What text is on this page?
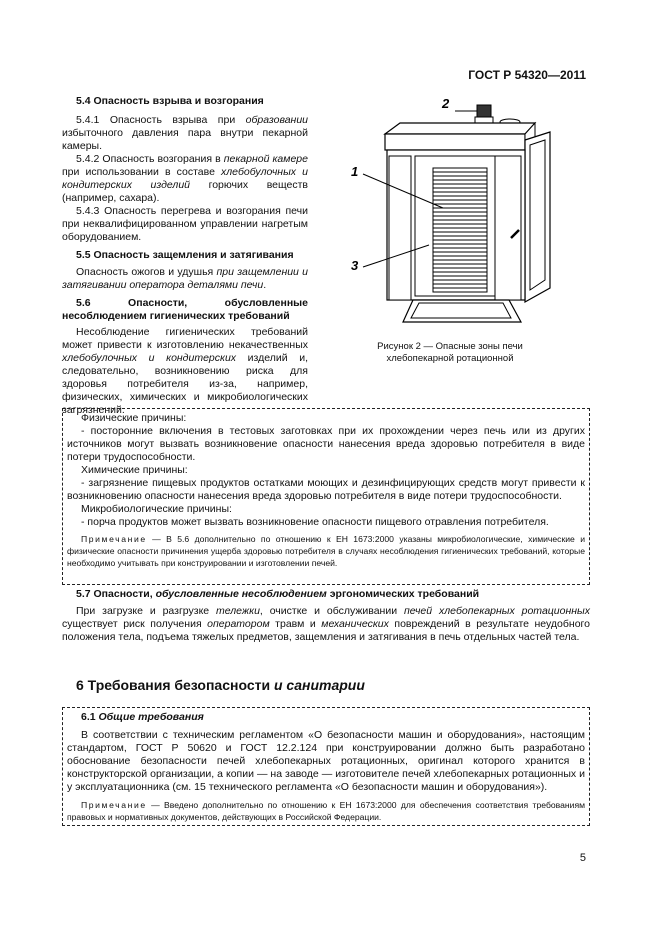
ГОСТ Р 54320—2011

5.4 Опасность взрыва и возгорания

5.4.1 Опасность взрыва при образовании избыточного давления пара внутри пекарной камеры.

5.4.2 Опасность возгорания в пекарной камере при использовании в составе хлебобулочных и кондитерских изделий горючих веществ (например, сахара).

5.4.3 Опасность перегрева и возгорания печи при неквалифицированном управлении нагретым оборудованием.

5.5 Опасность защемления и затягивания

Опасность ожогов и удушья при защемлении и затягивании оператора деталями печи.

5.6 Опасности, обусловленные несоблюдением гигиенических требований

Несоблюдение гигиенических требований может привести к изготовлению некачественных хлебобулочных и кондитерских изделий и, следовательно, возникновению риска для здоровья потребителя из-за, например, физических, химических и микробиологических загрязнений.

1
2
3
Рисунок 2 — Опасные зоны печи
хлебопекарной ротационной

Физические причины:

- посторонние включения в тестовых заготовках при их прохождении через печь или из других источников могут вызвать возникновение опасности нанесения вреда здоровью потребителя в виде потери трудоспособности.

Химические причины:

- загрязнение пищевых продуктов остатками моющих и дезинфицирующих средств могут привести к возникновению опасности нанесения вреда здоровью потребителя в виде потери трудоспособности.

Микробиологические причины:

- порча продуктов может вызвать возникновение опасности пищевого отравления потребителя.

Примечание — В 5.6 дополнительно по отношению к ЕН 1673:2000 указаны микробиологические, химические и физические опасности причинения ущерба здоровью потребителя в случаях несоблюдения гигиенических требований, которые необходимо учитывать при конструировании и изготовлении печей.

5.7 Опасности, обусловленные несоблюдением эргономических требований

При загрузке и разгрузке тележки, очистке и обслуживании печей хлебопекарных ротационных существует риск получения оператором травм и механических повреждений в результате неудобного положения тела, подъема тяжелых предметов, защемления и затягивания в печь отдельных частей тела.

6 Требования безопасности и санитарии

6.1 Общие требования

В соответствии с техническим регламентом «О безопасности машин и оборудования», настоящим стандартом, ГОСТ Р 50620 и ГОСТ 12.2.124 при конструировании должно быть разработано обоснование безопасности печей хлебопекарных ротационных, оригинал которого хранится в конструкторской организации, а копии — на заводе — изготовителе печей хлебопекарных ротационных и у эксплуатационника (см. 15 технического регламента «О безопасности машин и оборудования»).

Примечание — Введено дополнительно по отношению к ЕН 1673:2000 для обеспечения соответствия требованиям правовых и нормативных документов, действующих в Российской Федерации.

5
